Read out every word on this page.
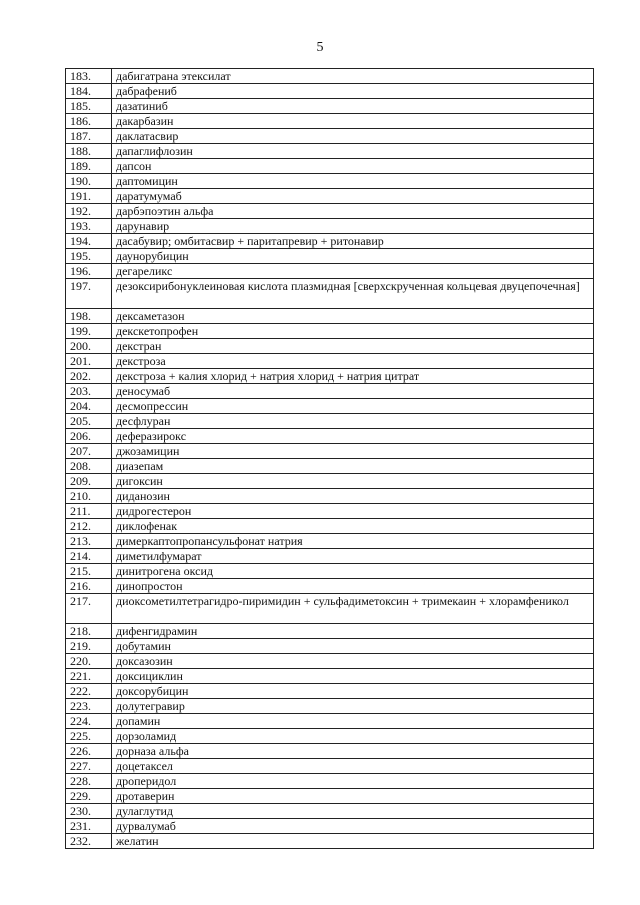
5
183.	дабигатрана этексилат
184.	дабрафениб
185.	дазатиниб
186.	дакарбазин
187.	даклатасвир
188.	дапаглифлозин
189.	дапсон
190.	даптомицин
191.	даратумумаб
192.	дарбэпоэтин альфа
193.	дарунавир
194.	дасабувир; омбитасвир + паритапревир + ритонавир
195.	даунорубицин
196.	дегарeликс
197.	дезоксирибонуклеиновая кислота плазмидная [сверхскрученная кольцевая двуцепочечная]
198.	дексаметазон
199.	декскетопрофен
200.	декстран
201.	декстроза
202.	декстроза + калия хлорид + натрия хлорид + натрия цитрат
203.	деносумаб
204.	десмопрессин
205.	десфлуран
206.	деферазирокс
207.	джозамицин
208.	диазепам
209.	дигоксин
210.	диданозин
211.	дидрогестерон
212.	диклофенак
213.	димеркаптопропансульфонат натрия
214.	диметилфумарат
215.	динитрогена оксид
216.	динопростон
217.	диоксометилтетрагидро-пиримидин + сульфадиметоксин + тримекаин + хлорамфеникол
218.	дифенгидрамин
219.	добутамин
220.	доксазозин
221.	доксициклин
222.	доксорубицин
223.	долутегравир
224.	допамин
225.	дорзоламид
226.	дорназа альфа
227.	доцетаксел
228.	дроперидол
229.	дротаверин
230.	дулаглутид
231.	дурвалумаб
232.	желатин
